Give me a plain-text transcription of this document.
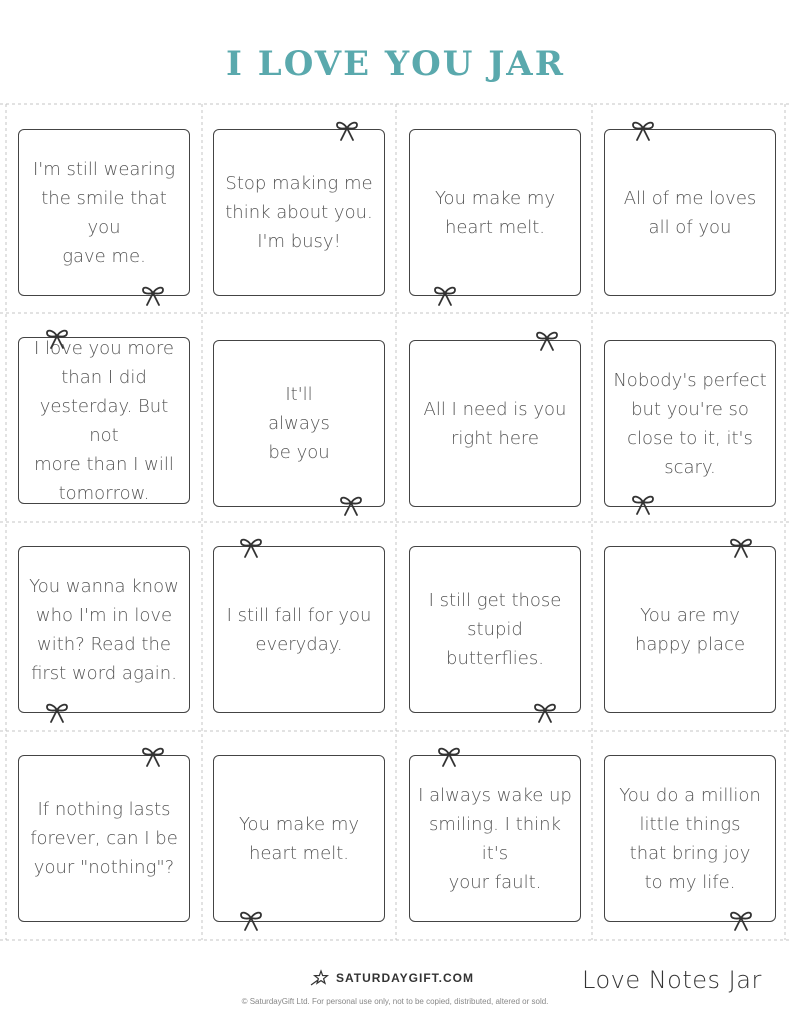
I LOVE YOU JAR
I'm still wearing
the smile that you
gave me.
Stop making me
think about you.
I'm busy!
You make my
heart melt.
All of me loves
all of you
I love you more
than I did
yesterday. But not
more than I will
tomorrow.
It'll
always
be you
All I need is you
right here
Nobody's perfect
but you're so
close to it, it's
scary.
You wanna know
who I'm in love
with? Read the
first word again.
I still fall for you
everyday.
I still get those
stupid butterflies.
You are my
happy place
If nothing lasts
forever, can I be
your "nothing"?
You make my
heart melt.
I always wake up
smiling. I think it's
your fault.
You do a million
little things
that bring joy
to my life.
SATURDAYGIFT.COM
© SaturdayGift Ltd. For personal use only, not to be copied, distributed, altered or sold.
Love Notes Jar
